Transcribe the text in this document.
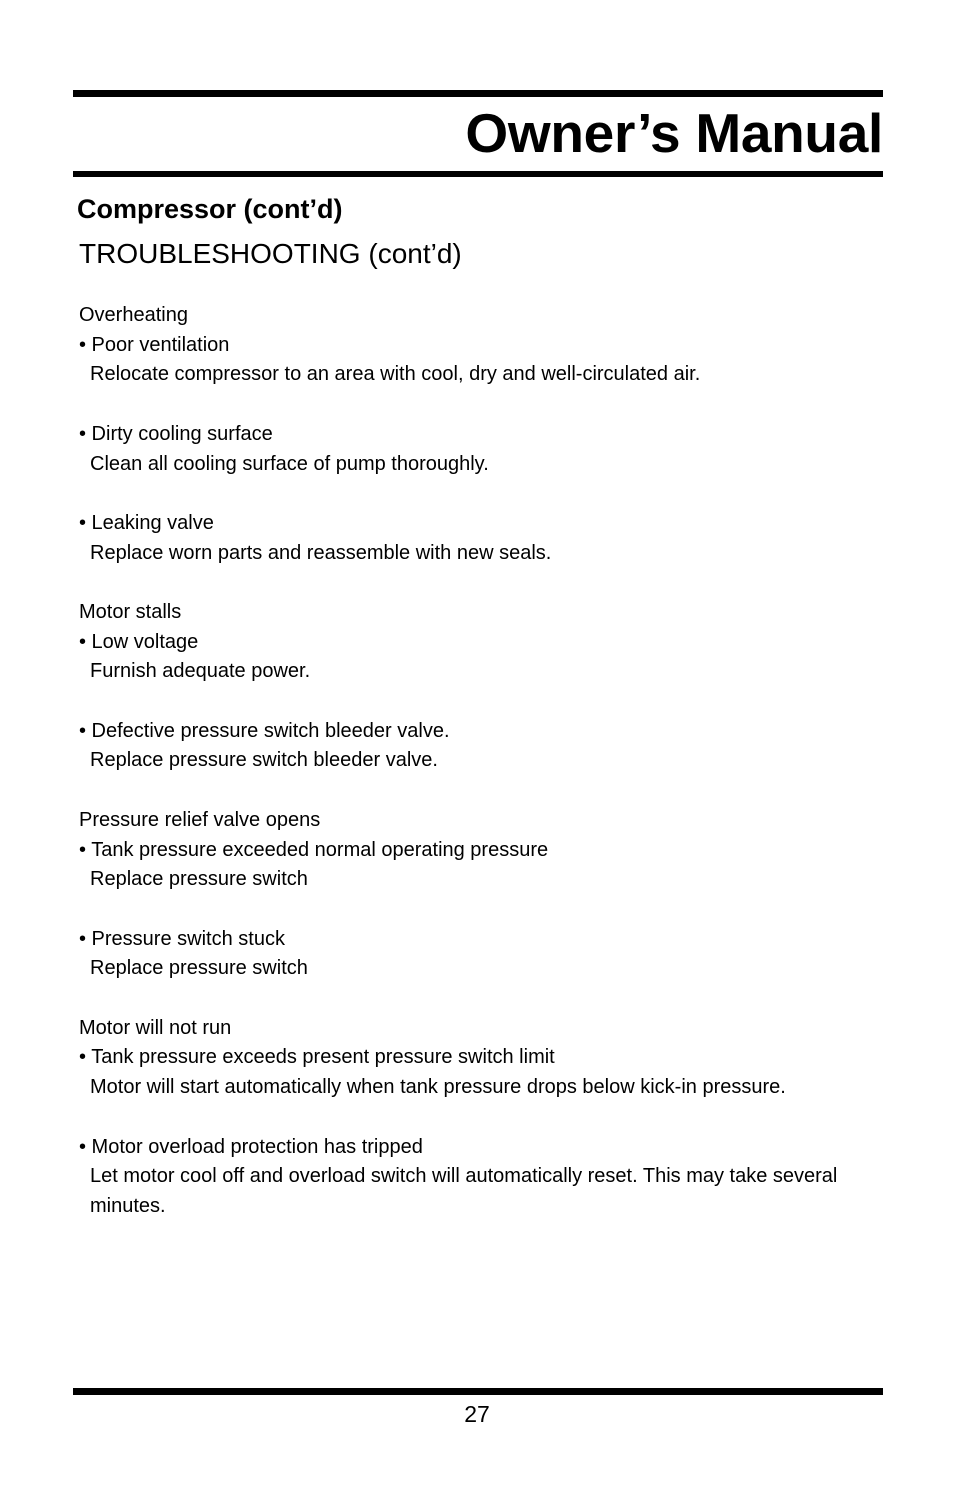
Owner’s Manual
Compressor (cont’d)
TROUBLESHOOTING (cont’d)
Overheating
• Poor ventilation
Relocate compressor to an area with cool, dry and well-circulated air.
• Dirty cooling surface
Clean all cooling surface of pump thoroughly.
• Leaking valve
Replace worn parts and reassemble with new seals.
Motor stalls
• Low voltage
Furnish adequate power.
• Defective pressure switch bleeder valve.
Replace pressure switch bleeder valve.
Pressure relief valve opens
• Tank pressure exceeded normal operating pressure
Replace pressure switch
• Pressure switch stuck
Replace pressure switch
Motor will not run
• Tank pressure exceeds present pressure switch limit
Motor will start automatically when tank pressure drops below kick-in pressure.
• Motor overload protection has tripped
Let motor cool off and overload switch will automatically reset. This may take several minutes.
27
